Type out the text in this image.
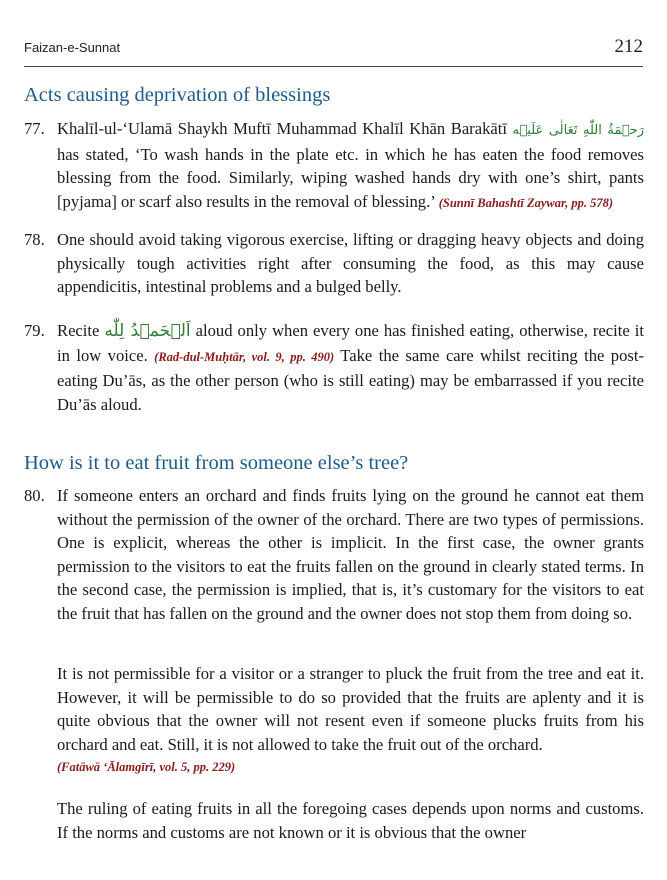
Faizan-e-Sunnat	212
Acts causing deprivation of blessings
77. Khalīl-ul-‘Ulamā Shaykh Muftī Muhammad Khalīl Khān Barakātī رَحۡمَةُ اللّٰهِ تَعَالٰی عَلَیۡه has stated, ‘To wash hands in the plate etc. in which he has eaten the food removes blessing from the food. Similarly, wiping washed hands dry with one’s shirt, pants [pyjama] or scarf also results in the removal of blessing.’ (Sunnī Bahashtī Zaywar, pp. 578)
78. One should avoid taking vigorous exercise, lifting or dragging heavy objects and doing physically tough activities right after consuming the food, as this may cause appendicitis, intestinal problems and a bulged belly.
79. Recite اَلۡحَمۡدُ لِلّٰه aloud only when every one has finished eating, otherwise, recite it in low voice. (Rad-dul-Muḥtār, vol. 9, pp. 490) Take the same care whilst reciting the post-eating Du’ās, as the other person (who is still eating) may be embarrassed if you recite Du’ās aloud.
How is it to eat fruit from someone else’s tree?
80. If someone enters an orchard and finds fruits lying on the ground he cannot eat them without the permission of the owner of the orchard. There are two types of permissions. One is explicit, whereas the other is implicit. In the first case, the owner grants permission to the visitors to eat the fruits fallen on the ground in clearly stated terms. In the second case, the permission is implied, that is, it’s customary for the visitors to eat the fruit that has fallen on the ground and the owner does not stop them from doing so.
It is not permissible for a visitor or a stranger to pluck the fruit from the tree and eat it. However, it will be permissible to do so provided that the fruits are aplenty and it is quite obvious that the owner will not resent even if someone plucks fruits from his orchard and eat. Still, it is not allowed to take the fruit out of the orchard.
(Fatāwā ‘Ālamgīrī, vol. 5, pp. 229)
The ruling of eating fruits in all the foregoing cases depends upon norms and customs. If the norms and customs are not known or it is obvious that the owner
